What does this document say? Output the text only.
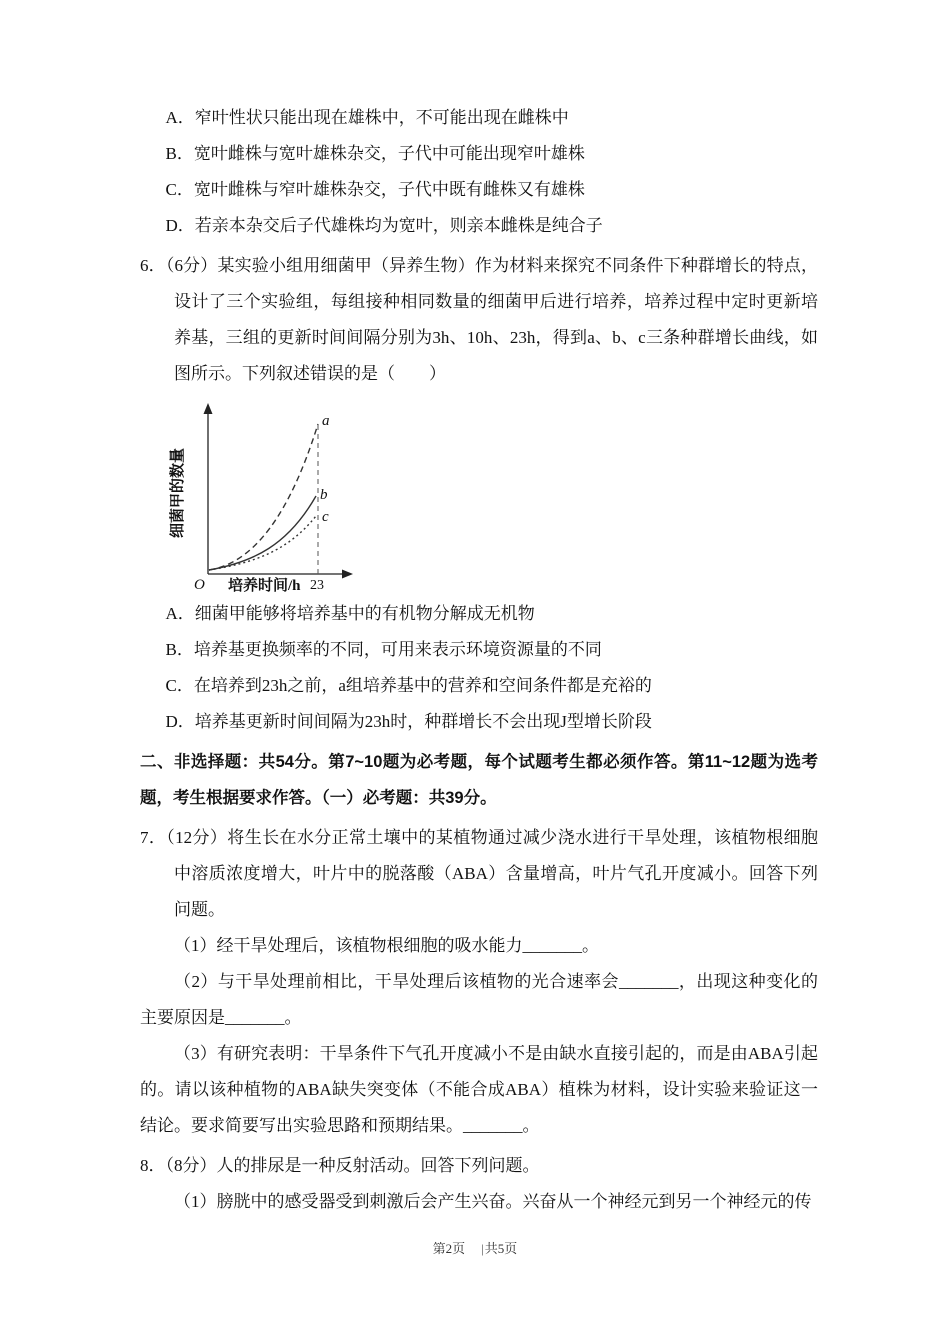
A．窄叶性状只能出现在雄株中，不可能出现在雌株中

B．宽叶雌株与宽叶雄株杂交，子代中可能出现窄叶雄株

C．宽叶雌株与窄叶雄株杂交，子代中既有雌株又有雄株

D．若亲本杂交后子代雄株均为宽叶，则亲本雌株是纯合子

6．（6分）某实验小组用细菌甲（异养生物）作为材料来探究不同条件下种群增长的特点，设计了三个实验组，每组接种相同数量的细菌甲后进行培养，培养过程中定时更新培养基，三组的更新时间间隔分别为3h、10h、23h，得到a、b、c三条种群增长曲线，如图所示。下列叙述错误的是（　　）

a
b
c
细菌甲的数量
O 培养时间/h 23

A．细菌甲能够将培养基中的有机物分解成无机物

B．培养基更换频率的不同，可用来表示环境资源量的不同

C．在培养到23h之前，a组培养基中的营养和空间条件都是充裕的

D．培养基更新时间间隔为23h时，种群增长不会出现J型增长阶段

二、非选择题：共54分。第7~10题为必考题，每个试题考生都必须作答。第11~12题为选考题，考生根据要求作答。（一）必考题：共39分。

7．（12分）将生长在水分正常土壤中的某植物通过减少浇水进行干旱处理，该植物根细胞中溶质浓度增大，叶片中的脱落酸（ABA）含量增高，叶片气孔开度减小。回答下列问题。

（1）经干旱处理后，该植物根细胞的吸水能力_______。

（2）与干旱处理前相比，干旱处理后该植物的光合速率会_______，出现这种变化的主要原因是_______。

（3）有研究表明：干旱条件下气孔开度减小不是由缺水直接引起的，而是由ABA引起的。请以该种植物的ABA缺失突变体（不能合成ABA）植株为材料，设计实验来验证这一结论。要求简要写出实验思路和预期结果。_______。

8．（8分）人的排尿是一种反射活动。回答下列问题。

（1）膀胱中的感受器受到刺激后会产生兴奋。兴奋从一个神经元到另一个神经元的传

第2页 |共5页
